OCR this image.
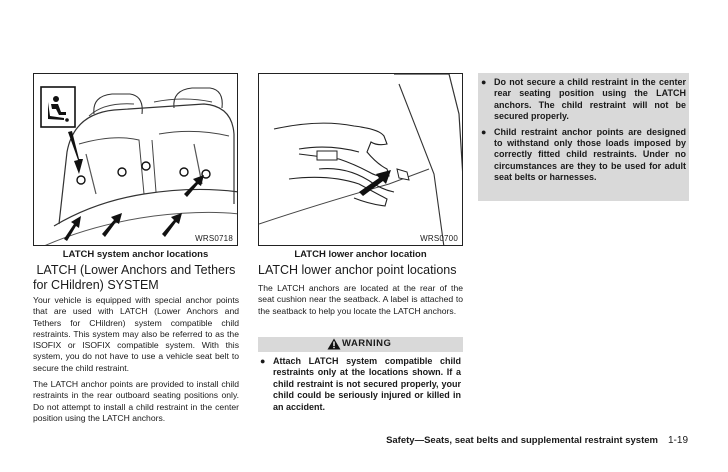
WRS0718
LATCH system anchor locations
WRS0700
LATCH lower anchor location
LATCH (Lower Anchors and Tethers for CHildren) SYSTEM

Your vehicle is equipped with special anchor points that are used with LATCH (Lower Anchors and Tethers for CHildren) system compatible child restraints. This system may also be referred to as the ISOFIX or ISOFIX compatible system. With this system, you do not have to use a vehicle seat belt to secure the child restraint.

The LATCH anchor points are provided to install child restraints in the rear outboard seating positions only. Do not attempt to install a child restraint in the center position using the LATCH anchors.

LATCH lower anchor point locations

The LATCH anchors are located at the rear of the seat cushion near the seatback. A label is attached to the seatback to help you locate the LATCH anchors.

WARNING
● Attach LATCH system compatible child restraints only at the locations shown. If a child restraint is not secured properly, your child could be seriously injured or killed in an accident.
● Do not secure a child restraint in the center rear seating position using the LATCH anchors. The child restraint will not be secured properly.
● Child restraint anchor points are designed to withstand only those loads imposed by correctly fitted child restraints. Under no circumstances are they to be used for adult seat belts or harnesses.
Safety—Seats, seat belts and supplemental restraint system 1-19
